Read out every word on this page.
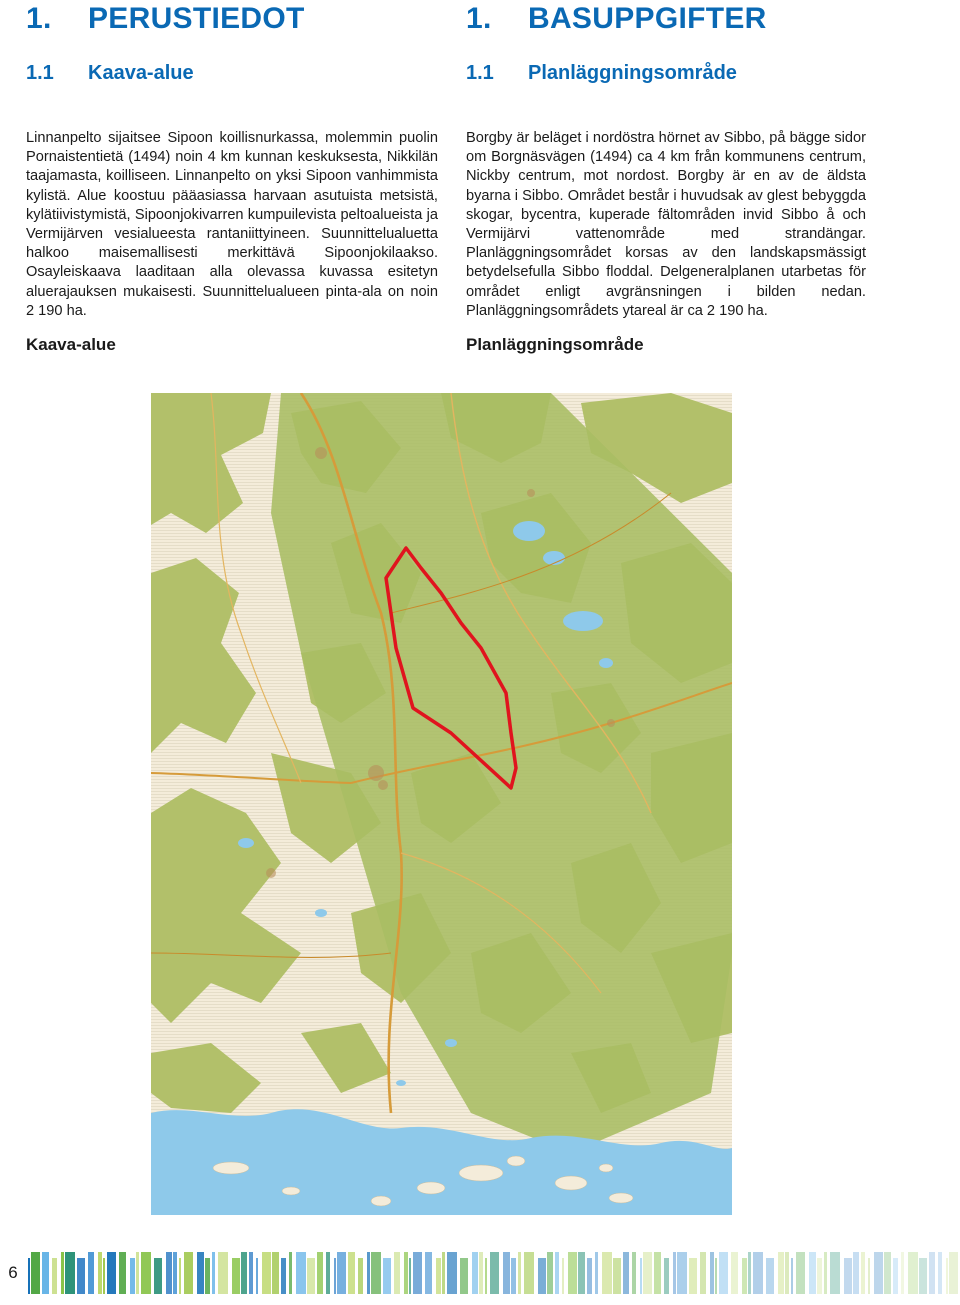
1. PERUSTIEDOT
1.1 Kaava-alue

Linnanpelto sijaitsee Sipoon koillisnurkassa, molemmin puolin Pornaistentietä (1494) noin 4 km kunnan keskuksesta, Nikkilän taajamasta, koilliseen. Linnanpelto on yksi Sipoon vanhimmista kylistä. Alue koostuu pääasiassa harvaan asutuista metsistä, kylätiivistymistä, Sipoonjokivarren kumpuilevista peltoalueista ja Vermijärven vesialueesta rantaniittyineen. Suunnittelualuetta halkoo maisemallisesti merkittävä Sipoonjokilaakso. Osayleiskaava laaditaan alla olevassa kuvassa esitetyn aluerajauksen mukaisesti. Suunnittelualueen pinta-ala on noin 2 190 ha.

Kaava-alue
1. BASUPPGIFTER
1.1 Planläggningsområde

Borgby är beläget i nordöstra hörnet av Sibbo, på bägge sidor om Borgnäsvägen (1494) ca 4 km från kommunens centrum, Nickby centrum, mot nordost. Borgby är en av de äldsta byarna i Sibbo. Området består i huvudsak av glest bebyggda skogar, bycentra, kuperade fältområden invid Sibbo å och Vermijärvi vattenområde med strandängar. Planläggningsområdet korsas av den landskapsmässigt betydelsefulla Sibbo floddal. Delgeneralplanen utarbetas för området enligt avgränsningen i bilden nedan. Planläggningsområdets ytareal är ca 2 190 ha.

Planläggningsområde
6
